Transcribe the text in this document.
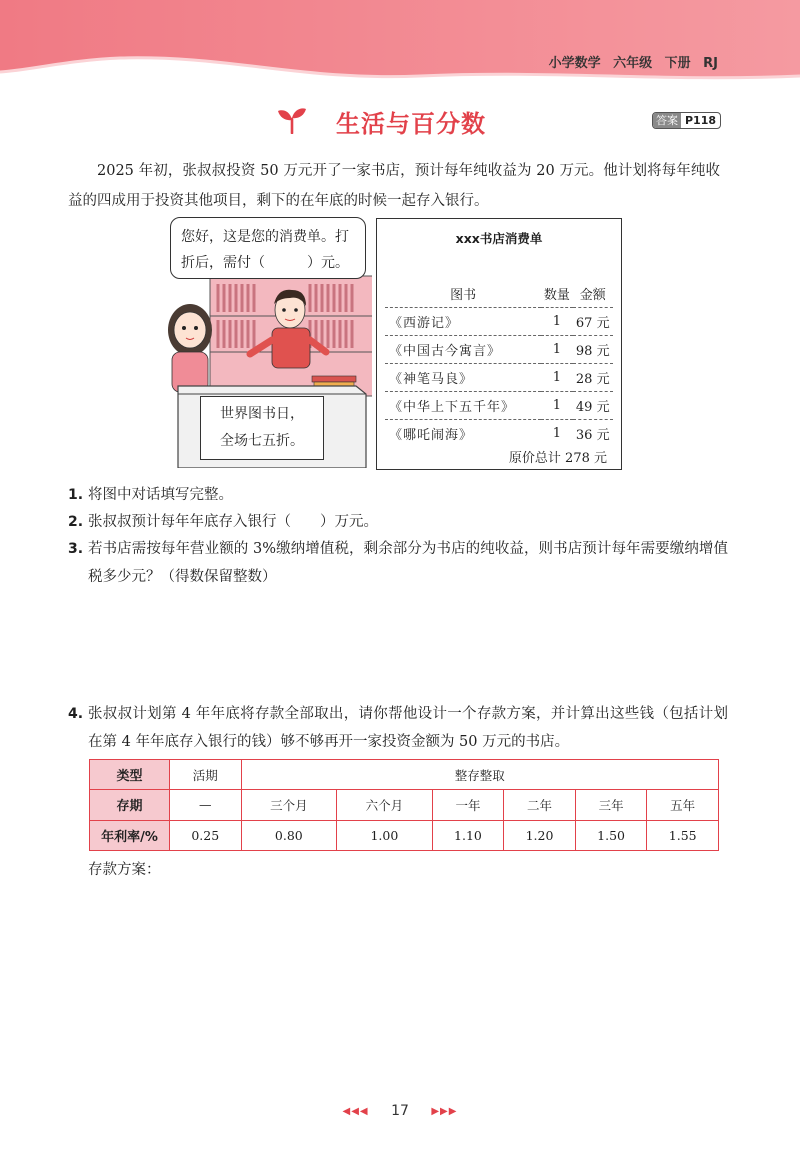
小学数学 六年级 下册 RJ
生活与百分数	答案 P118

2025 年初，张叔叔投资 50 万元开了一家书店，预计每年纯收益为 20 万元。他计划将每年纯收益的四成用于投资其他项目，剩下的在年底的时候一起存入银行。

您好，这是您的消费单。打折后，需付（　　　）元。
世界图书日，
全场七五折。
xxx书店消费单
图书	数量	金额
《西游记》	1	67 元
《中国古今寓言》	1	98 元
《神笔马良》	1	28 元
《中华上下五千年》	1	49 元
《哪吒闹海》	1	36 元
原价总计 278 元
1. 将图中对话填写完整。
2. 张叔叔预计每年年底存入银行（　　）万元。
3. 若书店需按每年营业额的 3%缴纳增值税，剩余部分为书店的纯收益，则书店预计每年需要缴纳增值税多少元？（得数保留整数）
4. 张叔叔计划第 4 年年底将存款全部取出，请你帮他设计一个存款方案，并计算出这些钱（包括计划在第 4 年年底存入银行的钱）够不够再开一家投资金额为 50 万元的书店。
类型	活期	整存整取					
存期	—	三个月	六个月	一年	二年	三年	五年
年利率/%	0.25	0.80	1.00	1.10	1.20	1.50	1.55
存款方案：
◀◀◀ 17 ▶▶▶
